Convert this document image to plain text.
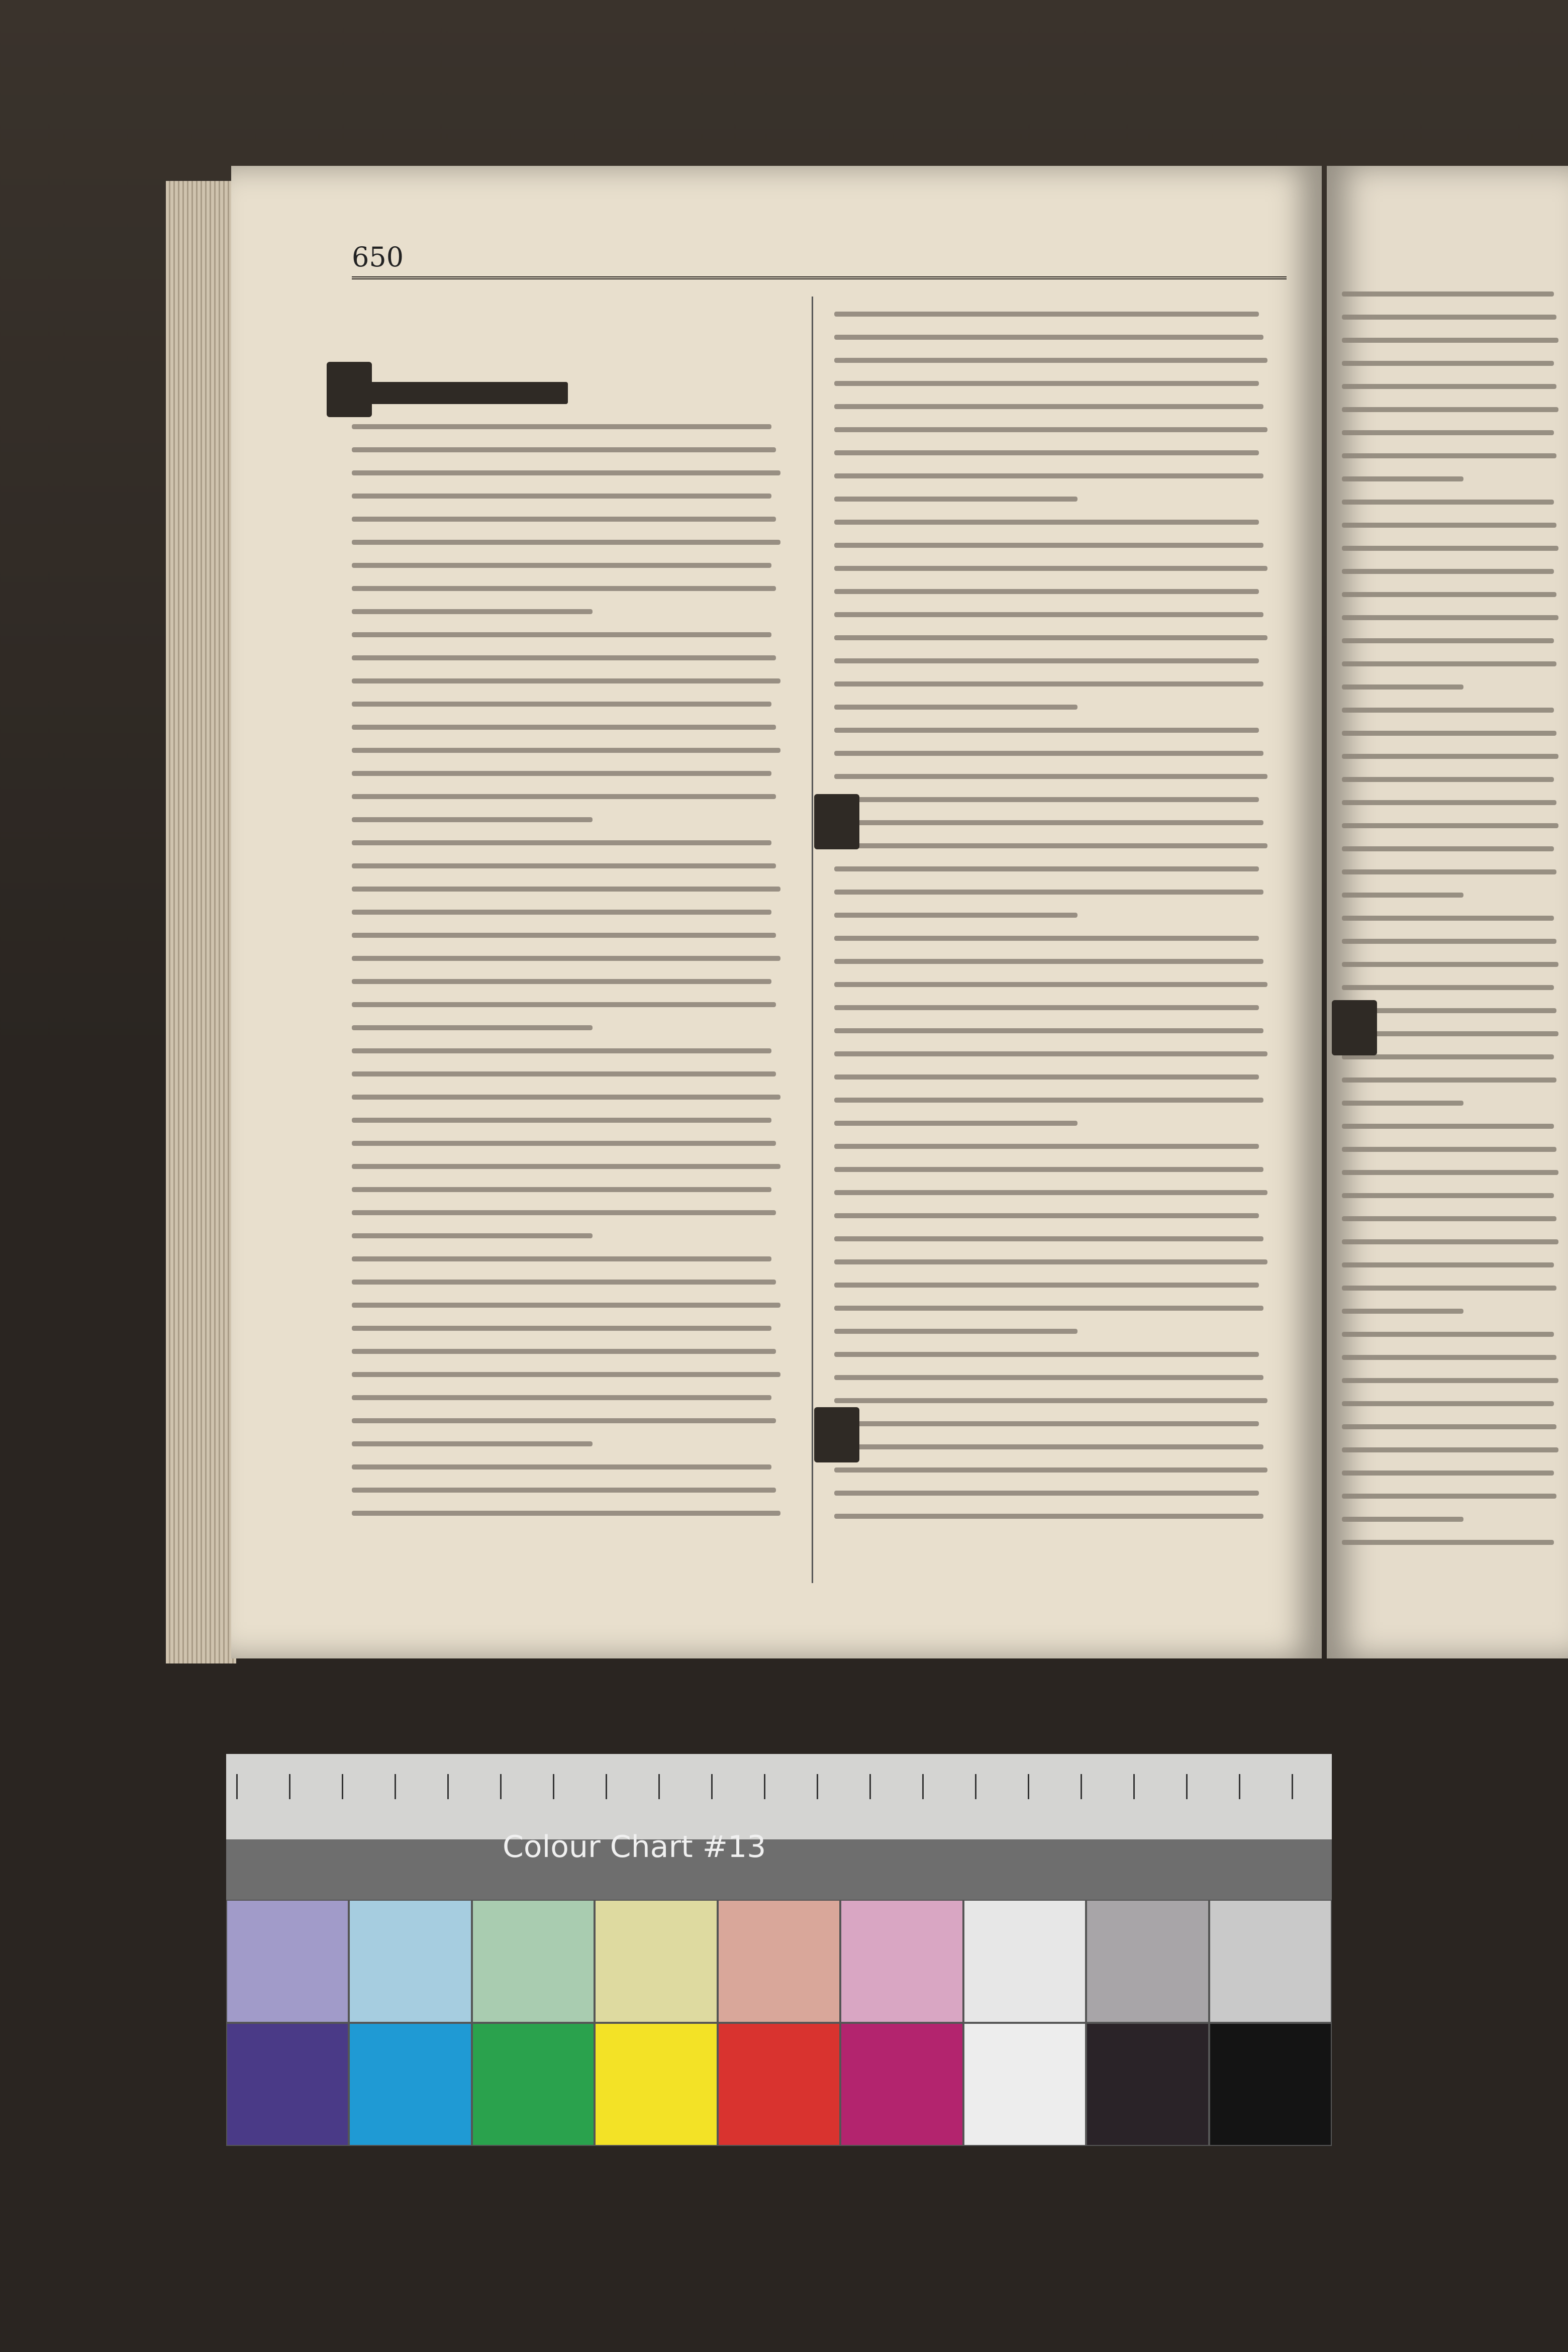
650
Colour Chart #13
